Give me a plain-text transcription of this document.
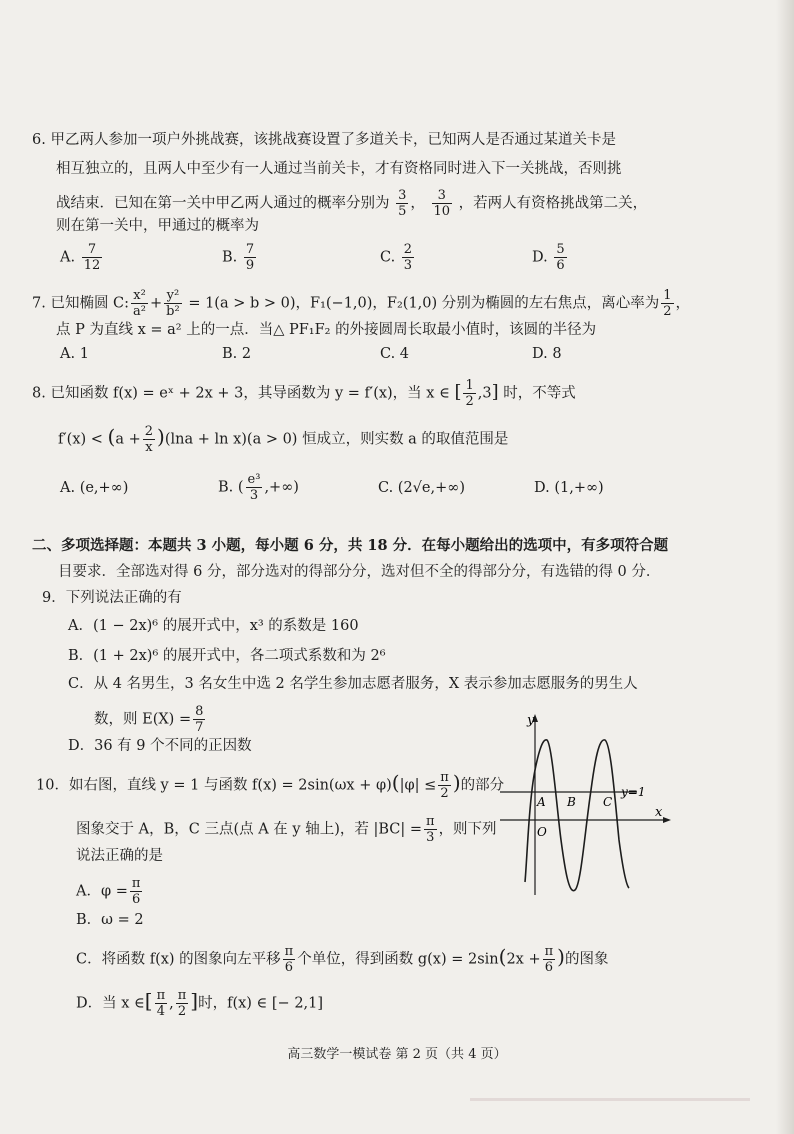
6. 甲乙两人参加一项户外挑战赛，该挑战赛设置了多道关卡，已知两人是否通过某道关卡是
相互独立的，且两人中至少有一人通过当前关卡，才有资格同时进入下一关挑战，否则挑
战结束．已知在第一关中甲乙两人通过的概率分别为 $\frac{3}{5}$ ， $\frac{3}{10}$ ，若两人有资格挑战第二关，
则在第一关中，甲通过的概率为
A. $\frac{7}{12}$	B. $\frac{7}{9}$	C. $\frac{2}{3}$	D. $\frac{5}{6}$
7. 已知椭圆 C: $\frac{\text{x²}}{\text{a²}} + \frac{\text{y²}}{\text{b²}} = 1(a > b > 0)$，F₁(−1,0)，F₂(1,0) 分别为椭圆的左右焦点，离心率为 $\frac{1}{2}$ ，
点 P 为直线 x = a² 上的一点．当△ PF₁F₂ 的外接圆周长取最小值时，该圆的半径为
A. 1	B. 2	C. 4	D. 8
8. 已知函数 f(x) = eˣ + 2x + 3，其导函数为 y = f′(x)，当 x ∈ [ $\frac{1}{2} ,3$] 时，不等式
$f'(x) < (a + \frac{2}{x} )(\ln a + \ln x)(a > 0)$ 恒成立，则实数 a 的取值范围是
A. (e,+∞)	B. ( $\frac{\text{e³}}{3}$ ,+∞)	C. (2√e,+∞)	D. (1,+∞)
二、多项选择题：本题共 3 小题，每小题 6 分，共 18 分．在每小题给出的选项中，有多项符合题
目要求．全部选对得 6 分，部分选对的得部分分，选对但不全的得部分分，有选错的得 0 分．
9．下列说法正确的有
A．(1 − 2x)⁶ 的展开式中，x³ 的系数是 160
B．(1 + 2x)⁶ 的展开式中，各二项式系数和为 2⁶
C．从 4 名男生，3 名女生中选 2 名学生参加志愿者服务，X 表示参加志愿服务的男生人
数，则 $E(X) = \frac{8}{7}$
D．36 有 9 个不同的正因数
10．如右图，直线 y = 1 与函数 $f(x) = 2\sin(\omega x + \varphi)(|\varphi| \le \frac{\pi}{2}$ )的部分
图象交于 A，B，C 三点(点 A 在 y 轴上)，若 $|BC| = \frac{\pi}{3}$ ，则下列
说法正确的是
A．$\varphi = \frac{\pi}{6}$
B．ω = 2
C．将函数 f(x) 的图象向左平移 $\frac{\pi}{6}$ 个单位，得到函数 $g(x) = 2\sin(2x + \frac{\pi}{6}$ )的图象
D．当 x ∈[ $\frac{\pi}{4}$ , $\frac{\pi}{2}$ ]时，f(x) ∈ [− 2,1]
y
x
O
A B C
y=1
高三数学一模试卷 第 2 页（共 4 页）
